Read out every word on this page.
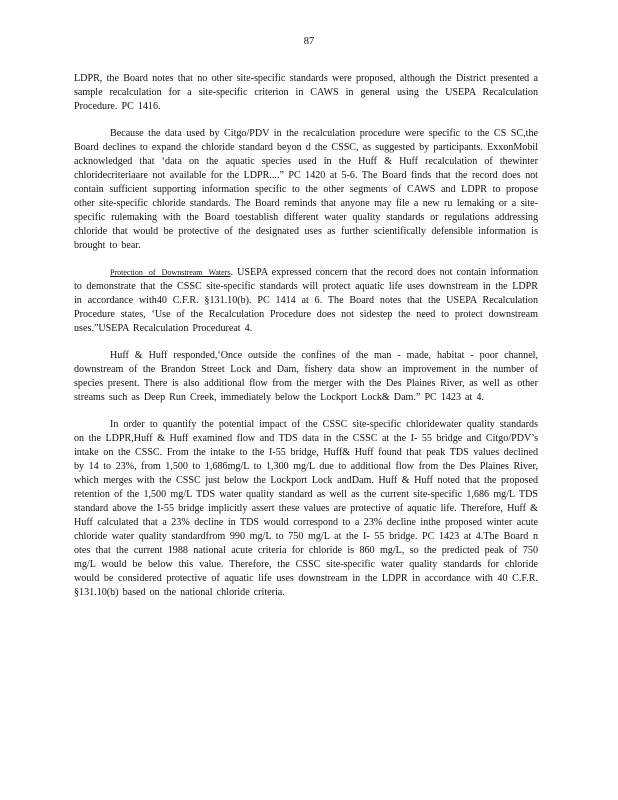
87

LDPR, the Board notes that no other site-specific standards were proposed, although the District presented a sample recalculation for a site-specific criterion in CAWS in general using the USEPA Recalculation Procedure. PC 1416.

Because the data used by Citgo/PDV in the recalculation procedure were specific to the CS SC,the Board declines to expand the chloride standard beyon d the CSSC, as suggested by participants. ExxonMobil acknowledged that ‘data on the aquatic species used in the Huff & Huff recalculation of thewinter chloridecriteriaare not available for the LDPR....” PC 1420 at 5-6. The Board finds that the record does not contain sufficient supporting information specific to the other segments of CAWS and LDPR to propose other site-specific chloride standards. The Board reminds that anyone may file a new ru lemaking or a site-specific rulemaking with the Board toestablish different water quality standards or regulations addressing chloride that would be protective of the designated uses as further scientifically defensible information is brought to bear.

Protection of Downstream Waters. USEPA expressed concern that the record does not contain information to demonstrate that the CSSC site-specific standards will protect aquatic life uses downstream in the LDPR in accordance with40 C.F.R. §131.10(b). PC 1414 at 6. The Board notes that the USEPA Recalculation Procedure states, ‘Use of the Recalculation Procedure does not sidestep the need to protect downstream uses.”USEPA Recalculation Procedureat 4.

Huff & Huff responded,‘Once outside the confines of the man - made, habitat - poor channel, downstream of the Brandon Street Lock and Dam, fishery data show an improvement in the number of species present. There is also additional flow from the merger with the Des Plaines River, as well as other streams such as Deep Run Creek, immediately below the Lockport Lock& Dam.” PC 1423 at 4.

In order to quantify the potential impact of the CSSC site-specific chloridewater quality standards on the LDPR,Huff & Huff examined flow and TDS data in the CSSC at the I- 55 bridge and Citgo/PDV’s intake on the CSSC. From the intake to the I-55 bridge, Huff& Huff found that peak TDS values declined by 14 to 23%, from 1,500 to 1,686mg/L to 1,300 mg/L due to additional flow from the Des Plaines River, which merges with the CSSC just below the Lockport Lock andDam. Huff & Huff noted that the proposed retention of the 1,500 mg/L TDS water quality standard as well as the current site-specific 1,686 mg/L TDS standard above the I-55 bridge implicitly assert these values are protective of aquatic life. Therefore, Huff & Huff calculated that a 23% decline in TDS would correspond to a 23% decline inthe proposed winter acute chloride water quality standardfrom 990 mg/L to 750 mg/L at the I- 55 bridge. PC 1423 at 4.The Board n otes that the current 1988 national acute criteria for chloride is 860 mg/L, so the predicted peak of 750 mg/L would be below this value. Therefore, the CSSC site-specific water quality standards for chloride would be considered protective of aquatic life uses downstream in the LDPR in accordance with 40 C.F.R. §131.10(b) based on the national chloride criteria.
